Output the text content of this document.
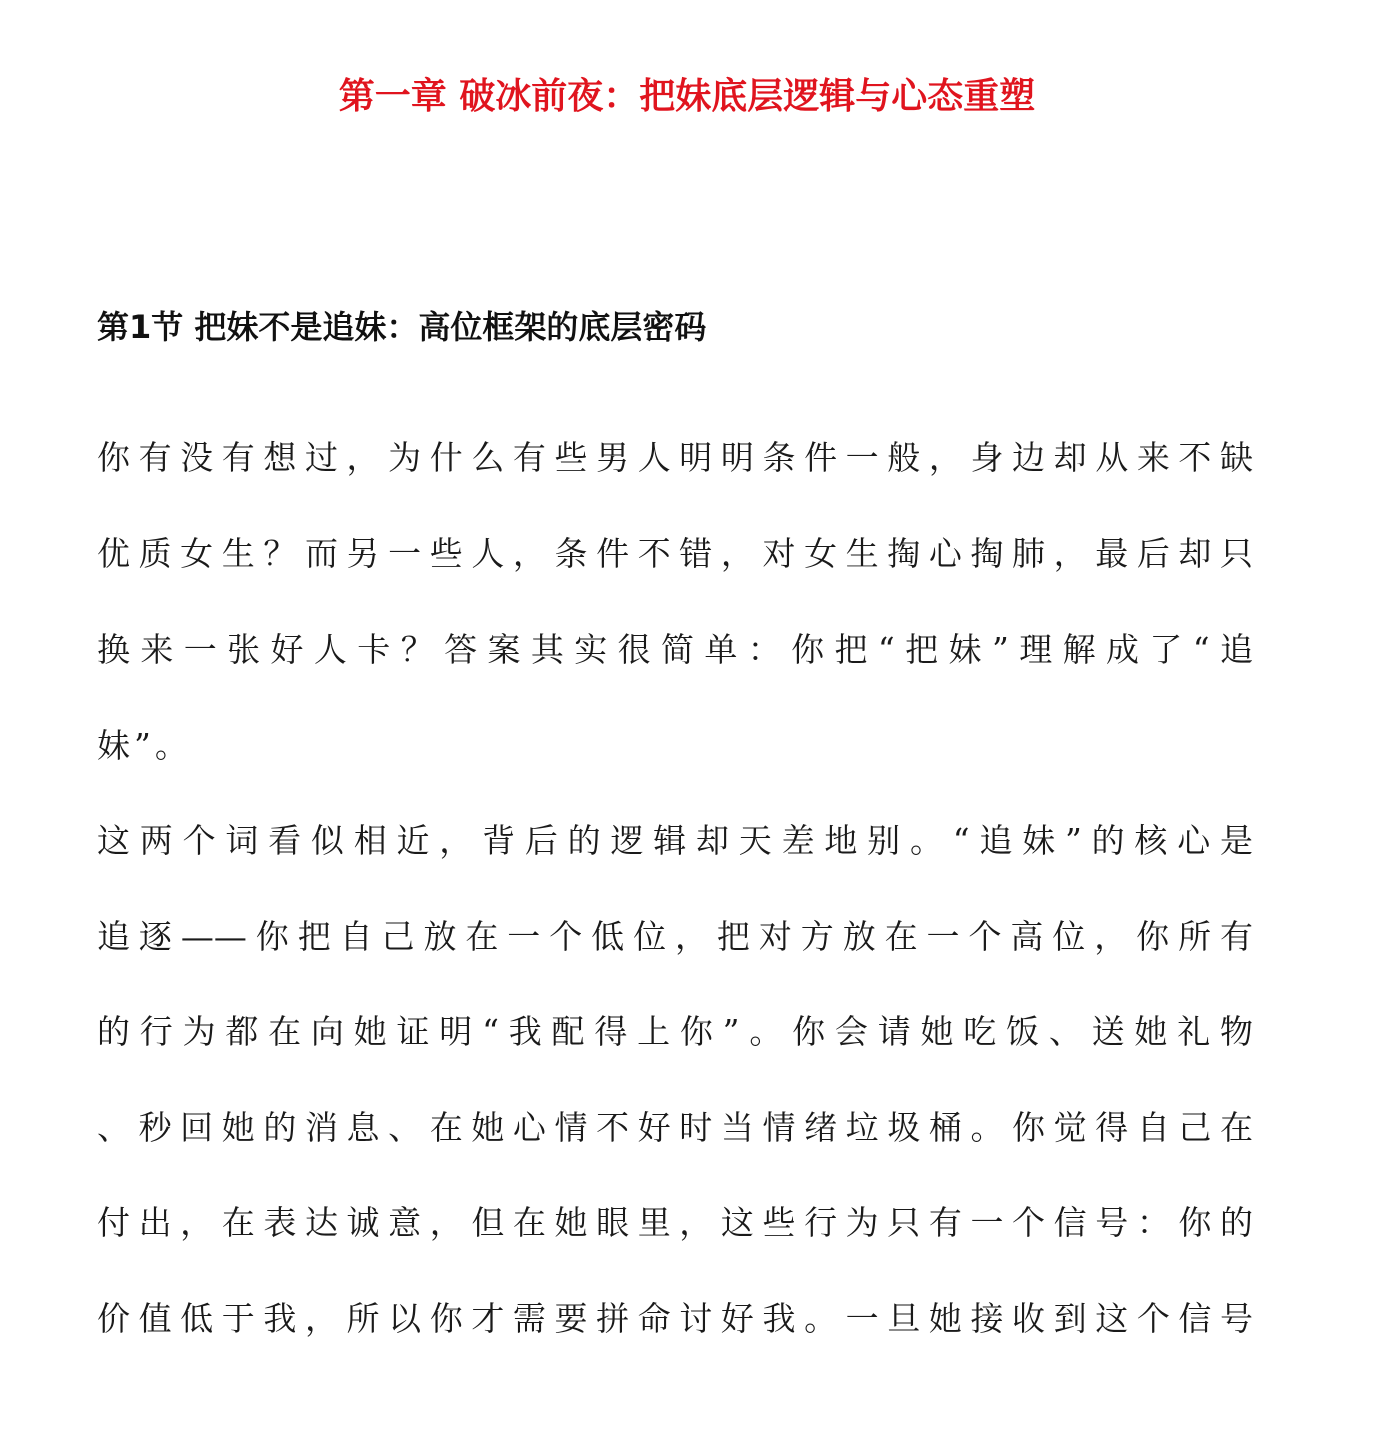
第一章 破冰前夜：把妹底层逻辑与心态重塑
第1节 把妹不是追妹：高位框架的底层密码

你有没有想过，为什么有些男人明明条件一般，身边却从来不缺

优质女生？而另一些人，条件不错，对女生掏心掏肺，最后却只

换来一张好人卡？答案其实很简单：你把“把妹”理解成了“追

妹”。

这两个词看似相近，背后的逻辑却天差地别。“追妹”的核心是

追逐——你把自己放在一个低位，把对方放在一个高位，你所有

的行为都在向她证明“我配得上你”。你会请她吃饭、送她礼物

、秒回她的消息、在她心情不好时当情绪垃圾桶。你觉得自己在

付出，在表达诚意，但在她眼里，这些行为只有一个信号：你的

价值低于我，所以你才需要拼命讨好我。一旦她接收到这个信号
